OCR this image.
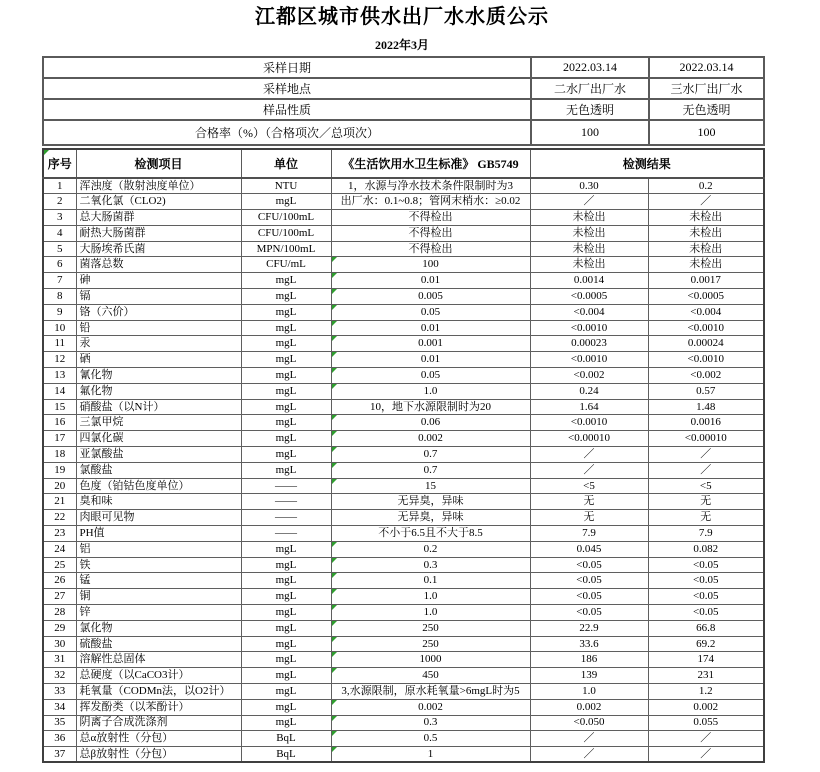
江都区城市供水出厂水水质公示
2022年3月
采样日期	2022.03.14	2022.03.14
采样地点	二水厂出厂水	三水厂出厂水
样品性质	无色透明	无色透明
合格率（%）（合格项次／总项次）	100	100
序号	检测项目	单位	《生活饮用水卫生标准》 GB5749	检测结果	
1	浑浊度（散射浊度单位）	NTU	1，水源与净水技术条件限制时为3	0.30	0.2
2	二氧化氯（CLO2)	mgL	出厂水：0.1~0.8；管网末梢水：≥0.02	／	／
3	总大肠菌群	CFU/100mL	不得检出	未检出	未检出
4	耐热大肠菌群	CFU/100mL	不得检出	未检出	未检出
5	大肠埃希氏菌	MPN/100mL	不得检出	未检出	未检出
6	菌落总数	CFU/mL	100	未检出	未检出
7	砷	mgL	0.01	0.0014	0.0017
8	镉	mgL	0.005	<0.0005	<0.0005
9	铬（六价）	mgL	0.05	<0.004	<0.004
10	铅	mgL	0.01	<0.0010	<0.0010
11	汞	mgL	0.001	0.00023	0.00024
12	硒	mgL	0.01	<0.0010	<0.0010
13	氰化物	mgL	0.05	<0.002	<0.002
14	氟化物	mgL	1.0	0.24	0.57
15	硝酸盐（以N计）	mgL	10，地下水源限制时为20	1.64	1.48
16	三氯甲烷	mgL	0.06	<0.0010	0.0016
17	四氯化碳	mgL	0.002	<0.00010	<0.00010
18	亚氯酸盐	mgL	0.7	／	／
19	氯酸盐	mgL	0.7	／	／
20	色度（铂钴色度单位）	——	15	<5	<5
21	臭和味	——	无异臭，异味	无	无
22	肉眼可见物	——	无异臭，异味	无	无
23	PH值	——	不小于6.5且不大于8.5	7.9	7.9
24	铝	mgL	0.2	0.045	0.082
25	铁	mgL	0.3	<0.05	<0.05
26	锰	mgL	0.1	<0.05	<0.05
27	铜	mgL	1.0	<0.05	<0.05
28	锌	mgL	1.0	<0.05	<0.05
29	氯化物	mgL	250	22.9	66.8
30	硫酸盐	mgL	250	33.6	69.2
31	溶解性总固体	mgL	1000	186	174
32	总硬度（以CaCO3计）	mgL	450	139	231
33	耗氧量（CODMn法，以O2计）	mgL	3,水源限制，原水耗氧量>6mgL时为5	1.0	1.2
34	挥发酚类（以苯酚计）	mgL	0.002	0.002	0.002
35	阴离子合成洗涤剂	mgL	0.3	<0.050	0.055
36	总α放射性（分包）	BqL	0.5	／	／
37	总β放射性（分包）	BqL	1	／	／
